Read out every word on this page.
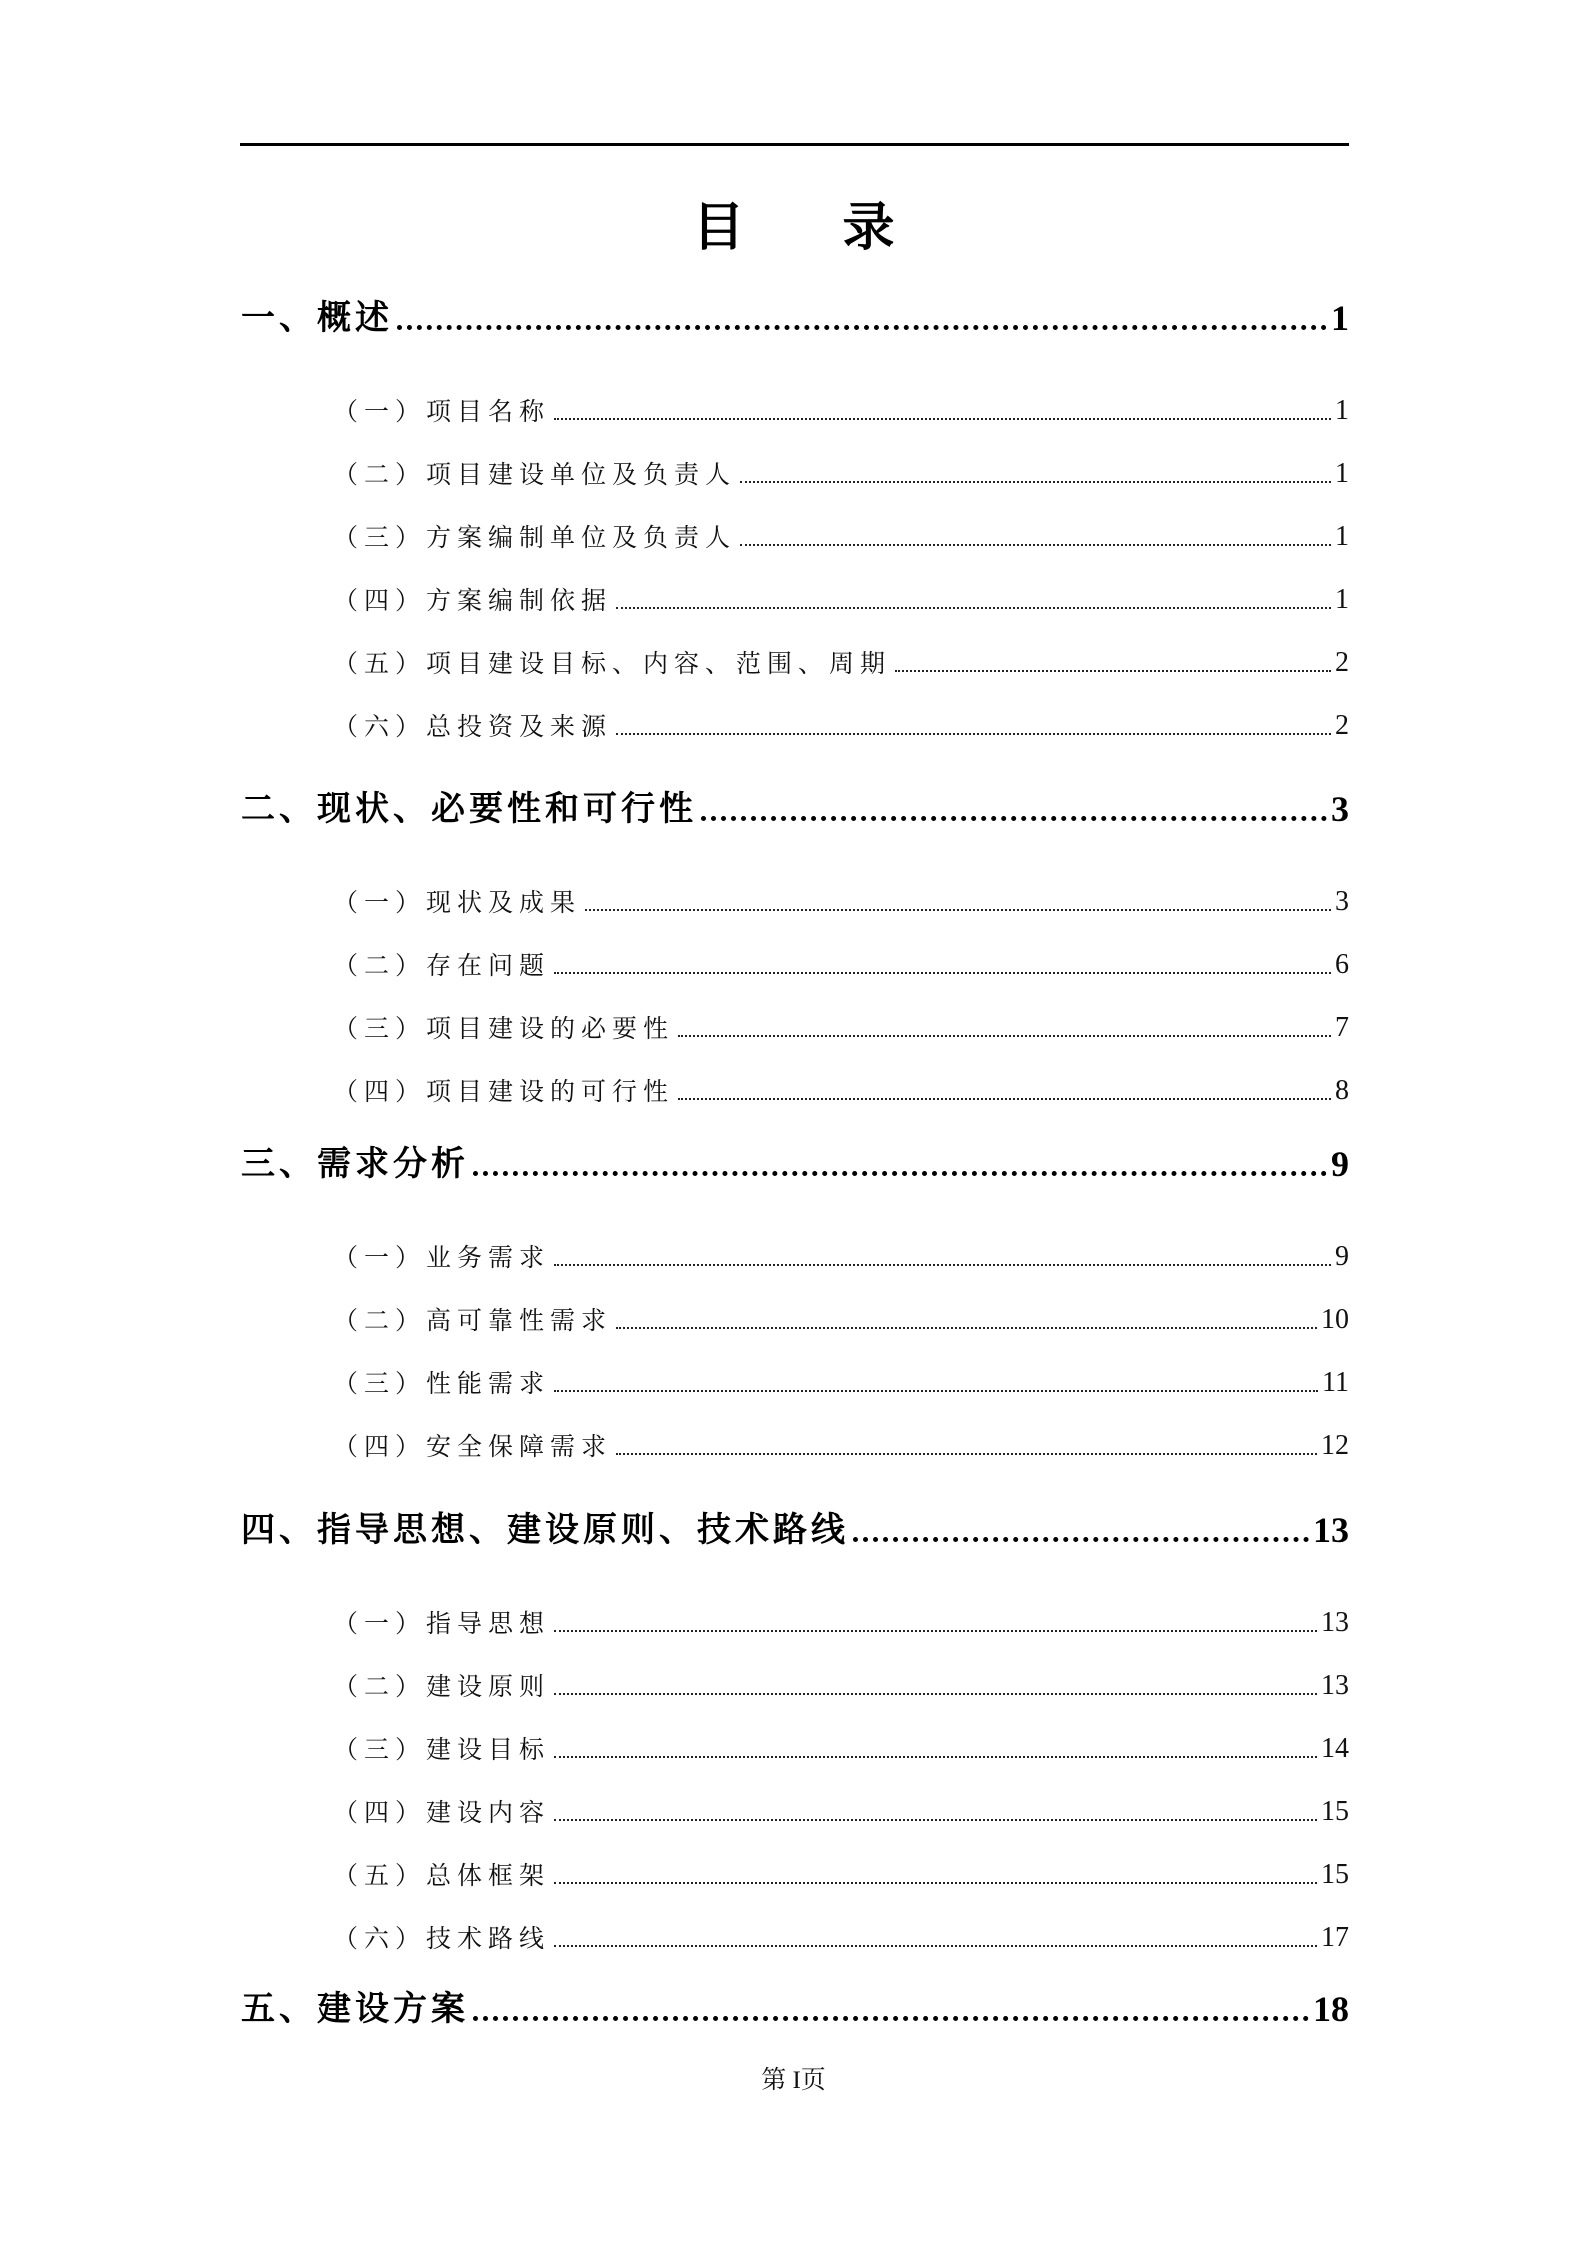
目 录
一、概述	1
（一）项目名称	1
（二）项目建设单位及负责人	1
（三）方案编制单位及负责人	1
（四）方案编制依据	1
（五）项目建设目标、内容、范围、周期	2
（六）总投资及来源	2
二、现状、必要性和可行性	3
（一）现状及成果	3
（二）存在问题	6
（三）项目建设的必要性	7
（四）项目建设的可行性	8
三、需求分析	9
（一）业务需求	9
（二）高可靠性需求	10
（三）性能需求	11
（四）安全保障需求	12
四、指导思想、建设原则、技术路线	13
（一）指导思想	13
（二）建设原则	13
（三）建设目标	14
（四）建设内容	15
（五）总体框架	15
（六）技术路线	17
五、建设方案	18
第 I页
